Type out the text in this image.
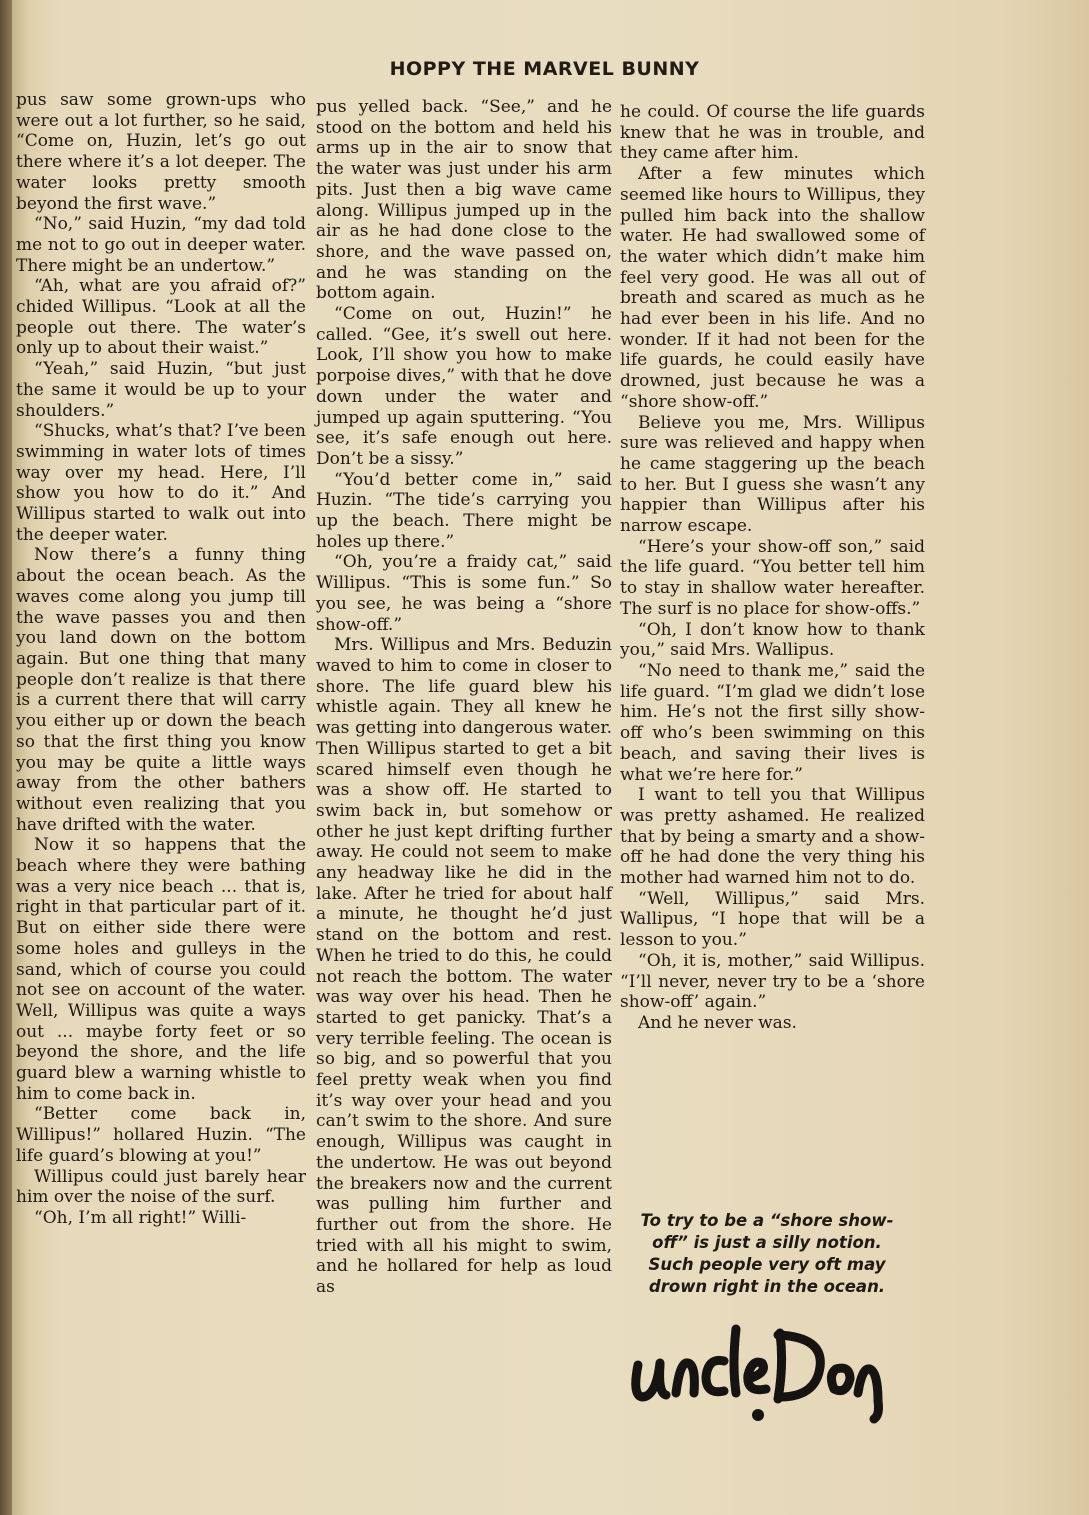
HOPPY THE MARVEL BUNNY

pus saw some grown-ups who were out a lot further, so he said, “Come on, Huzin, let’s go out there where it’s a lot deeper. The water looks pretty smooth beyond the first wave.”

“No,” said Huzin, “my dad told me not to go out in deeper water. There might be an undertow.”

“Ah, what are you afraid of?” chided Willipus. “Look at all the people out there. The water’s only up to about their waist.”

“Yeah,” said Huzin, “but just the same it would be up to your shoulders.”

“Shucks, what’s that? I’ve been swimming in water lots of times way over my head. Here, I’ll show you how to do it.” And Willipus started to walk out into the deeper water.

Now there’s a funny thing about the ocean beach. As the waves come along you jump till the wave passes you and then you land down on the bottom again. But one thing that many people don’t realize is that there is a current there that will carry you either up or down the beach so that the first thing you know you may be quite a little ways away from the other bathers without even realizing that you have drifted with the water.

Now it so happens that the beach where they were bathing was a very nice beach ... that is, right in that particular part of it. But on either side there were some holes and gulleys in the sand, which of course you could not see on account of the water. Well, Willipus was quite a ways out ... maybe forty feet or so beyond the shore, and the life guard blew a warning whistle to him to come back in.

“Better come back in, Willipus!” hollared Huzin. “The life guard’s blowing at you!”

Willipus could just barely hear him over the noise of the surf.

“Oh, I’m all right!” Willi-

pus yelled back. “See,” and he stood on the bottom and held his arms up in the air to snow that the water was just under his arm pits. Just then a big wave came along. Willipus jumped up in the air as he had done close to the shore, and the wave passed on, and he was standing on the bottom again.

“Come on out, Huzin!” he called. “Gee, it’s swell out here. Look, I’ll show you how to make porpoise dives,” with that he dove down under the water and jumped up again sputtering. “You see, it’s safe enough out here. Don’t be a sissy.”

“You’d better come in,” said Huzin. “The tide’s carrying you up the beach. There might be holes up there.”

“Oh, you’re a fraidy cat,” said Willipus. “This is some fun.” So you see, he was being a “shore show-off.”

Mrs. Willipus and Mrs. Beduzin waved to him to come in closer to shore. The life guard blew his whistle again. They all knew he was getting into dangerous water. Then Willipus started to get a bit scared himself even though he was a show off. He started to swim back in, but somehow or other he just kept drifting further away. He could not seem to make any headway like he did in the lake. After he tried for about half a minute, he thought he’d just stand on the bottom and rest. When he tried to do this, he could not reach the bottom. The water was way over his head. Then he started to get panicky. That’s a very terrible feeling. The ocean is so big, and so powerful that you feel pretty weak when you find it’s way over your head and you can’t swim to the shore. And sure enough, Willipus was caught in the undertow. He was out beyond the breakers now and the current was pulling him further and further out from the shore. He tried with all his might to swim, and he hollared for help as loud as

he could. Of course the life guards knew that he was in trouble, and they came after him.

After a few minutes which seemed like hours to Willipus, they pulled him back into the shallow water. He had swallowed some of the water which didn’t make him feel very good. He was all out of breath and scared as much as he had ever been in his life. And no wonder. If it had not been for the life guards, he could easily have drowned, just because he was a “shore show-off.”

Believe you me, Mrs. Willipus sure was relieved and happy when he came staggering up the beach to her. But I guess she wasn’t any happier than Willipus after his narrow escape.

“Here’s your show-off son,” said the life guard. “You better tell him to stay in shallow water hereafter. The surf is no place for show-offs.”

“Oh, I don’t know how to thank you,” said Mrs. Wallipus.

“No need to thank me,” said the life guard. “I’m glad we didn’t lose him. He’s not the first silly show-off who’s been swimming on this beach, and saving their lives is what we’re here for.”

I want to tell you that Willipus was pretty ashamed. He realized that by being a smarty and a show-off he had done the very thing his mother had warned him not to do.

“Well, Willipus,” said Mrs. Wallipus, “I hope that will be a lesson to you.”

“Oh, it is, mother,” said Willipus. “I’ll never, never try to be a ‘shore show-off’ again.”

And he never was.

To try to be a “shore show-
off” is just a silly notion.
Such people very oft may
drown right in the ocean.
